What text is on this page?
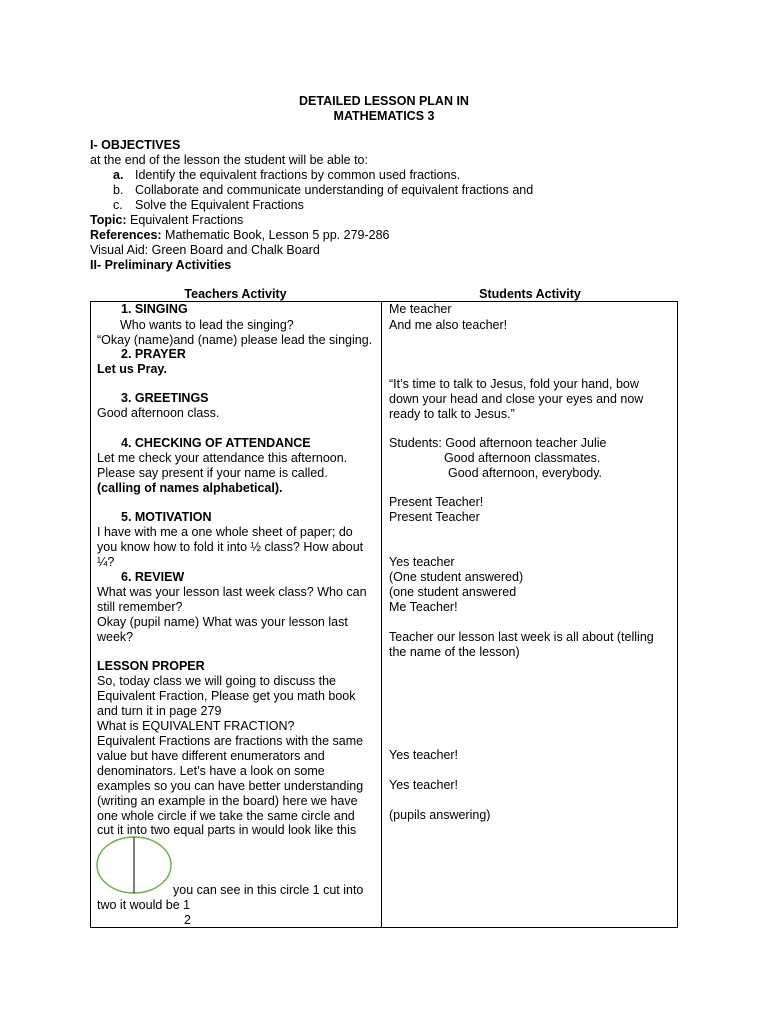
DETAILED LESSON PLAN IN
MATHEMATICS 3
I- OBJECTIVES
at the end of the lesson the student will be able to:
a. Identify the equivalent fractions by common used fractions.
b. Collaborate and communicate understanding of equivalent fractions and
c. Solve the Equivalent Fractions
Topic: Equivalent Fractions
References: Mathematic Book, Lesson 5 pp. 279-286
Visual Aid: Green Board and Chalk Board
II- Preliminary Activities
Teachers Activity	Students Activity
1. SINGING
Who wants to lead the singing?
“Okay (name)and (name) please lead the singing.
2. PRAYER
Let us Pray.
3. GREETINGS
Good afternoon class.
4. CHECKING OF ATTENDANCE
Let me check your attendance this afternoon.
Please say present if your name is called.
(calling of names alphabetical).
5. MOTIVATION
I have with me a one whole sheet of paper; do
you know how to fold it into ½ class? How about
¼?
6. REVIEW
What was your lesson last week class? Who can
still remember?
Okay (pupil name) What was your lesson last
week?
LESSON PROPER
So, today class we will going to discuss the
Equivalent Fraction, Please get you math book
and turn it in page 279
What is EQUIVALENT FRACTION?
Equivalent Fractions are fractions with the same
value but have different enumerators and
denominators. Let’s have a look on some
examples so you can have better understanding
(writing an example in the board) here we have
one whole circle if we take the same circle and
cut it into two equal parts in would look like this
you can see in this circle 1 cut into
two it would be 1
2
Me teacher
And me also teacher!
“It’s time to talk to Jesus, fold your hand, bow
down your head and close your eyes and now
ready to talk to Jesus.”
Students: Good afternoon teacher Julie
Good afternoon classmates.
Good afternoon, everybody.
Present Teacher!
Present Teacher
Yes teacher
(One student answered)
(one student answered
Me Teacher!
Teacher our lesson last week is all about (telling
the name of the lesson)
Yes teacher!
Yes teacher!
(pupils answering)
